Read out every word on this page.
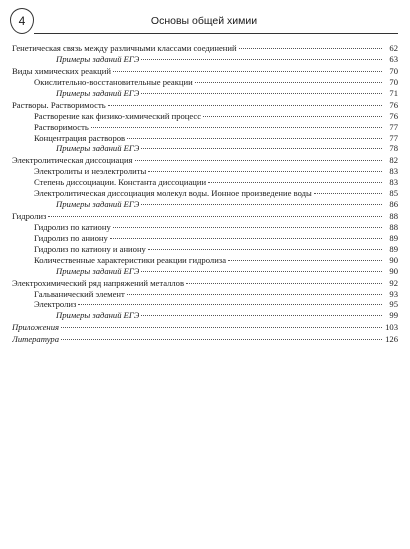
4	Основы общей химии
Генетическая связь между различными классами соединений	62
Примеры заданий ЕГЭ	63
Виды химических реакций	70
Окислительно-восстановительные реакции	70
Примеры заданий ЕГЭ	71
Растворы. Растворимость	76
Растворение как физико-химический процесс	76
Растворимость	77
Концентрация растворов	77
Примеры заданий ЕГЭ	78
Электролитическая диссоциация	82
Электролиты и неэлектролиты	83
Степень диссоциации. Константа диссоциации	83
Электролитическая диссоциация молекул воды. Ионное произведение воды	85
Примеры заданий ЕГЭ	86
Гидролиз	88
Гидролиз по катиону	88
Гидролиз по аниону	89
Гидролиз по катиону и аниону	89
Количественные характеристики реакции гидролиза	90
Примеры заданий ЕГЭ	90
Электрохимический ряд напряжений металлов	92
Гальванический элемент	93
Электролиз	95
Примеры заданий ЕГЭ	99
Приложения	103
Литература	126
